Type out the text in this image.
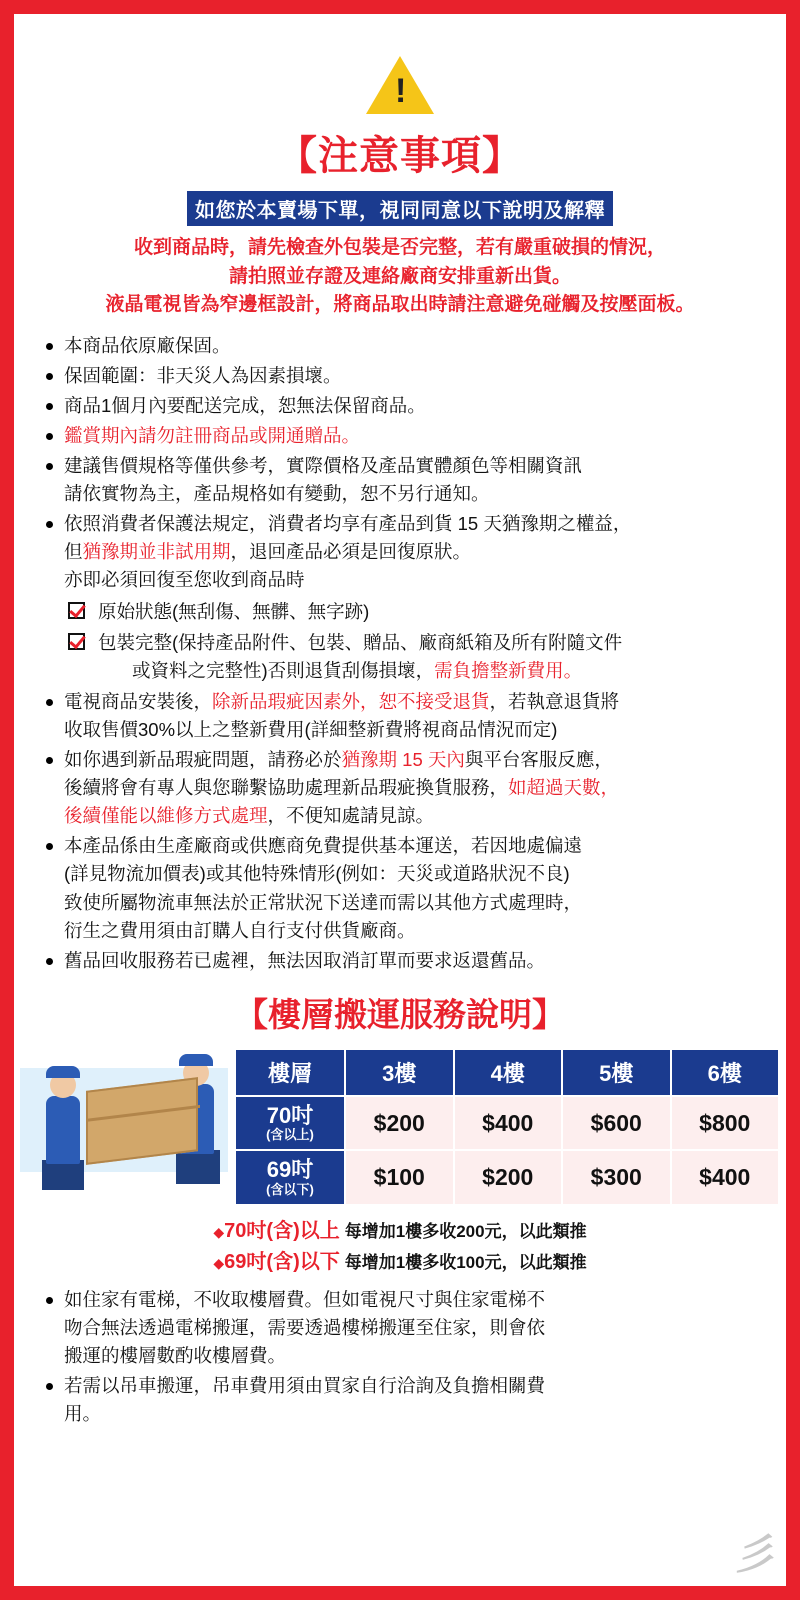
!
【注意事項】
如您於本賣場下單，視同同意以下說明及解釋
收到商品時，請先檢查外包裝是否完整，若有嚴重破損的情況，
請拍照並存證及連絡廠商安排重新出貨。
液晶電視皆為窄邊框設計，將商品取出時請注意避免碰觸及按壓面板。
本商品依原廠保固。
保固範圍：非天災人為因素損壞。
商品1個月內要配送完成，恕無法保留商品。
鑑賞期內請勿註冊商品或開通贈品。
建議售價規格等僅供參考，實際價格及產品實體顏色等相關資訊
請依實物為主，產品規格如有變動，恕不另行通知。
依照消費者保護法規定，消費者均享有產品到貨 15 天猶豫期之權益，
但猶豫期並非試用期，退回產品必須是回復原狀。
亦即必須回復至您收到商品時
原始狀態(無刮傷、無髒、無字跡)
包裝完整(保持產品附件、包裝、贈品、廠商紙箱及所有附隨文件
或資料之完整性)否則退貨刮傷損壞，需負擔整新費用。
電視商品安裝後，除新品瑕疵因素外，恕不接受退貨，若執意退貨將
收取售價30%以上之整新費用(詳細整新費將視商品情況而定)
如你遇到新品瑕疵問題，請務必於猶豫期 15 天內與平台客服反應，
後續將會有專人與您聯繫協助處理新品瑕疵換貨服務，如超過天數，
後續僅能以維修方式處理，不便知處請見諒。
本產品係由生產廠商或供應商免費提供基本運送，若因地處偏遠
(詳見物流加價表)或其他特殊情形(例如：天災或道路狀況不良)
致使所屬物流車無法於正常狀況下送達而需以其他方式處理時，
衍生之費用須由訂購人自行支付供貨廠商。
舊品回收服務若已處裡，無法因取消訂單而要求返還舊品。
【樓層搬運服務說明】
樓層	3樓	4樓	5樓	6樓
70吋
(含以上)	$200	$400	$600	$800
69吋
(含以下)	$100	$200	$300	$400
◆70吋(含)以上 每增加1樓多收200元，以此類推
◆69吋(含)以下 每增加1樓多收100元，以此類推
如住家有電梯，不收取樓層費。但如電視尺寸與住家電梯不
吻合無法透過電梯搬運，需要透過樓梯搬運至住家，則會依
搬運的樓層數酌收樓層費。
若需以吊車搬運，吊車費用須由買家自行洽詢及負擔相關費
用。
彡
